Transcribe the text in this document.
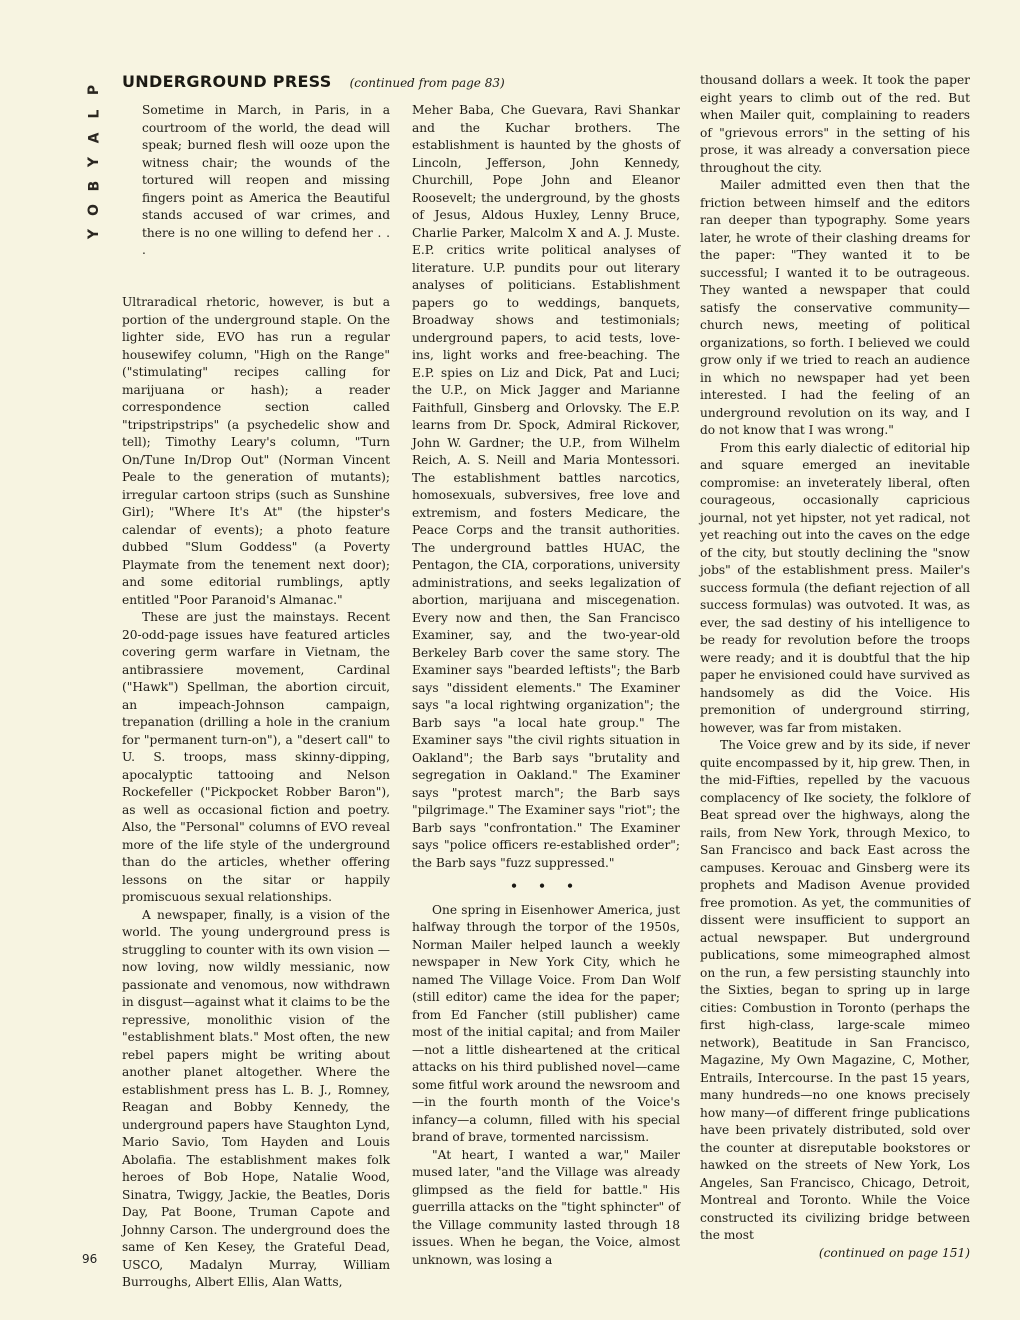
P
L
A
Y
B
O
Y
UNDERGROUND PRESS (continued from page 83)

Sometime in March, in Paris, in a courtroom of the world, the dead will speak; burned flesh will ooze upon the witness chair; the wounds of the tortured will reopen and missing fingers point as America the Beautiful stands accused of war crimes, and there is no one willing to defend her . . .

Ultraradical rhetoric, however, is but a portion of the underground staple. On the lighter side, EVO has run a regular housewifey column, "High on the Range" ("stimulating" recipes calling for marijuana or hash); a reader correspondence section called "tripstripstrips" (a psychedelic show and tell); Timothy Leary's column, "Turn On/Tune In/Drop Out" (Norman Vincent Peale to the generation of mutants); irregular cartoon strips (such as Sunshine Girl); "Where It's At" (the hipster's calendar of events); a photo feature dubbed "Slum Goddess" (a Poverty Playmate from the tenement next door); and some editorial rumblings, aptly entitled "Poor Paranoid's Almanac."

These are just the mainstays. Recent 20-odd-page issues have featured articles covering germ warfare in Vietnam, the antibrassiere movement, Cardinal ("Hawk") Spellman, the abortion circuit, an impeach-Johnson campaign, trepanation (drilling a hole in the cranium for "permanent turn-on"), a "desert call" to U. S. troops, mass skinny-dipping, apocalyptic tattooing and Nelson Rockefeller ("Pickpocket Robber Baron"), as well as occasional fiction and poetry. Also, the "Personal" columns of EVO reveal more of the life style of the underground than do the articles, whether offering lessons on the sitar or happily promiscuous sexual relationships.

A newspaper, finally, is a vision of the world. The young underground press is struggling to counter with its own vision —now loving, now wildly messianic, now passionate and venomous, now withdrawn in disgust—against what it claims to be the repressive, monolithic vision of the "establishment blats." Most often, the new rebel papers might be writing about another planet altogether. Where the establishment press has L. B. J., Romney, Reagan and Bobby Kennedy, the underground papers have Staughton Lynd, Mario Savio, Tom Hayden and Louis Abolafia. The establishment makes folk heroes of Bob Hope, Natalie Wood, Sinatra, Twiggy, Jackie, the Beatles, Doris Day, Pat Boone, Truman Capote and Johnny Carson. The underground does the same of Ken Kesey, the Grateful Dead, USCO, Madalyn Murray, William Burroughs, Albert Ellis, Alan Watts,

Meher Baba, Che Guevara, Ravi Shankar and the Kuchar brothers. The establishment is haunted by the ghosts of Lincoln, Jefferson, John Kennedy, Churchill, Pope John and Eleanor Roosevelt; the underground, by the ghosts of Jesus, Aldous Huxley, Lenny Bruce, Charlie Parker, Malcolm X and A. J. Muste. E.P. critics write political analyses of literature. U.P. pundits pour out literary analyses of politicians. Establishment papers go to weddings, banquets, Broadway shows and testimonials; underground papers, to acid tests, love-ins, light works and free-beaching. The E.P. spies on Liz and Dick, Pat and Luci; the U.P., on Mick Jagger and Marianne Faithfull, Ginsberg and Orlovsky. The E.P. learns from Dr. Spock, Admiral Rickover, John W. Gardner; the U.P., from Wilhelm Reich, A. S. Neill and Maria Montessori. The establishment battles narcotics, homosexuals, subversives, free love and extremism, and fosters Medicare, the Peace Corps and the transit authorities. The underground battles HUAC, the Pentagon, the CIA, corporations, university administrations, and seeks legalization of abortion, marijuana and miscegenation. Every now and then, the San Francisco Examiner, say, and the two-year-old Berkeley Barb cover the same story. The Examiner says "bearded leftists"; the Barb says "dissident elements." The Examiner says "a local rightwing organization"; the Barb says "a local hate group." The Examiner says "the civil rights situation in Oakland"; the Barb says "brutality and segregation in Oakland." The Examiner says "protest march"; the Barb says "pilgrimage." The Examiner says "riot"; the Barb says "confrontation." The Examiner says "police officers re-established order"; the Barb says "fuzz suppressed."

• • •

One spring in Eisenhower America, just halfway through the torpor of the 1950s, Norman Mailer helped launch a weekly newspaper in New York City, which he named The Village Voice. From Dan Wolf (still editor) came the idea for the paper; from Ed Fancher (still publisher) came most of the initial capital; and from Mailer—not a little disheartened at the critical attacks on his third published novel—came some fitful work around the newsroom and—in the fourth month of the Voice's infancy—a column, filled with his special brand of brave, tormented narcissism.

"At heart, I wanted a war," Mailer mused later, "and the Village was already glimpsed as the field for battle." His guerrilla attacks on the "tight sphincter" of the Village community lasted through 18 issues. When he began, the Voice, almost unknown, was losing a

thousand dollars a week. It took the paper eight years to climb out of the red. But when Mailer quit, complaining to readers of "grievous errors" in the setting of his prose, it was already a conversation piece throughout the city.

Mailer admitted even then that the friction between himself and the editors ran deeper than typography. Some years later, he wrote of their clashing dreams for the paper: "They wanted it to be successful; I wanted it to be outrageous. They wanted a newspaper that could satisfy the conservative community—church news, meeting of political organizations, so forth. I believed we could grow only if we tried to reach an audience in which no newspaper had yet been interested. I had the feeling of an underground revolution on its way, and I do not know that I was wrong."

From this early dialectic of editorial hip and square emerged an inevitable compromise: an inveterately liberal, often courageous, occasionally capricious journal, not yet hipster, not yet radical, not yet reaching out into the caves on the edge of the city, but stoutly declining the "snow jobs" of the establishment press. Mailer's success formula (the defiant rejection of all success formulas) was outvoted. It was, as ever, the sad destiny of his intelligence to be ready for revolution before the troops were ready; and it is doubtful that the hip paper he envisioned could have survived as handsomely as did the Voice. His premonition of underground stirring, however, was far from mistaken.

The Voice grew and by its side, if never quite encompassed by it, hip grew. Then, in the mid-Fifties, repelled by the vacuous complacency of Ike society, the folklore of Beat spread over the highways, along the rails, from New York, through Mexico, to San Francisco and back East across the campuses. Kerouac and Ginsberg were its prophets and Madison Avenue provided free promotion. As yet, the communities of dissent were insufficient to support an actual newspaper. But underground publications, some mimeographed almost on the run, a few persisting staunchly into the Sixties, began to spring up in large cities: Combustion in Toronto (perhaps the first high-class, large-scale mimeo network), Beatitude in San Francisco, Magazine, My Own Magazine, C, Mother, Entrails, Intercourse. In the past 15 years, many hundreds—no one knows precisely how many—of different fringe publications have been privately distributed, sold over the counter at disreputable bookstores or hawked on the streets of New York, Los Angeles, San Francisco, Chicago, Detroit, Montreal and Toronto. While the Voice constructed its civilizing bridge between the most

(continued on page 151)
96
